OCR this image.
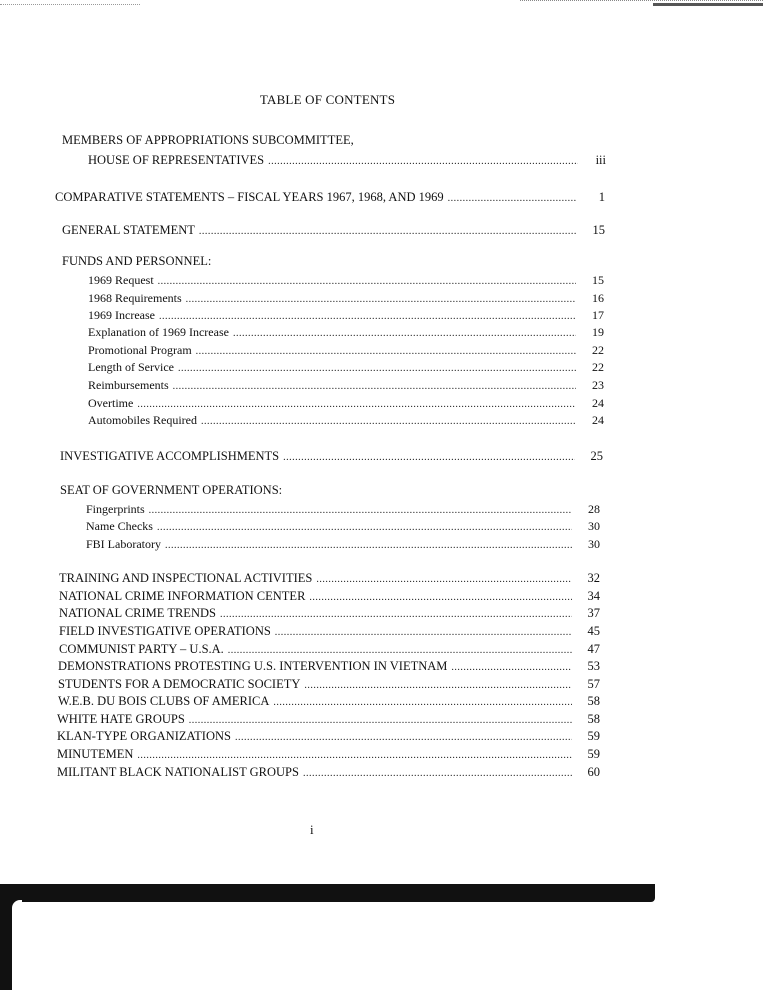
TABLE OF CONTENTS
MEMBERS OF APPROPRIATIONS SUBCOMMITTEE,
HOUSE OF REPRESENTATIVES .....	iii
COMPARATIVE STATEMENTS – FISCAL YEARS 1967, 1968, AND 1969 .....	1
GENERAL STATEMENT .....	15
FUNDS AND PERSONNEL:
1969 Request .....	15
1968 Requirements .....	16
1969 Increase .....	17
Explanation of 1969 Increase .....	19
Promotional Program .....	22
Length of Service .....	22
Reimbursements .....	23
Overtime .....	24
Automobiles Required .....	24
INVESTIGATIVE ACCOMPLISHMENTS .....	25
SEAT OF GOVERNMENT OPERATIONS:
Fingerprints .....	28
Name Checks .....	30
FBI Laboratory .....	30
TRAINING AND INSPECTIONAL ACTIVITIES .....	32
NATIONAL CRIME INFORMATION CENTER .....	34
NATIONAL CRIME TRENDS .....	37
FIELD INVESTIGATIVE OPERATIONS .....	45
COMMUNIST PARTY – U.S.A. .....	47
DEMONSTRATIONS PROTESTING U.S. INTERVENTION IN VIETNAM .....	53
STUDENTS FOR A DEMOCRATIC SOCIETY .....	57
W.E.B. DU BOIS CLUBS OF AMERICA .....	58
WHITE HATE GROUPS .....	58
KLAN-TYPE ORGANIZATIONS .....	59
MINUTEMEN .....	59
MILITANT BLACK NATIONALIST GROUPS .....	60
i
